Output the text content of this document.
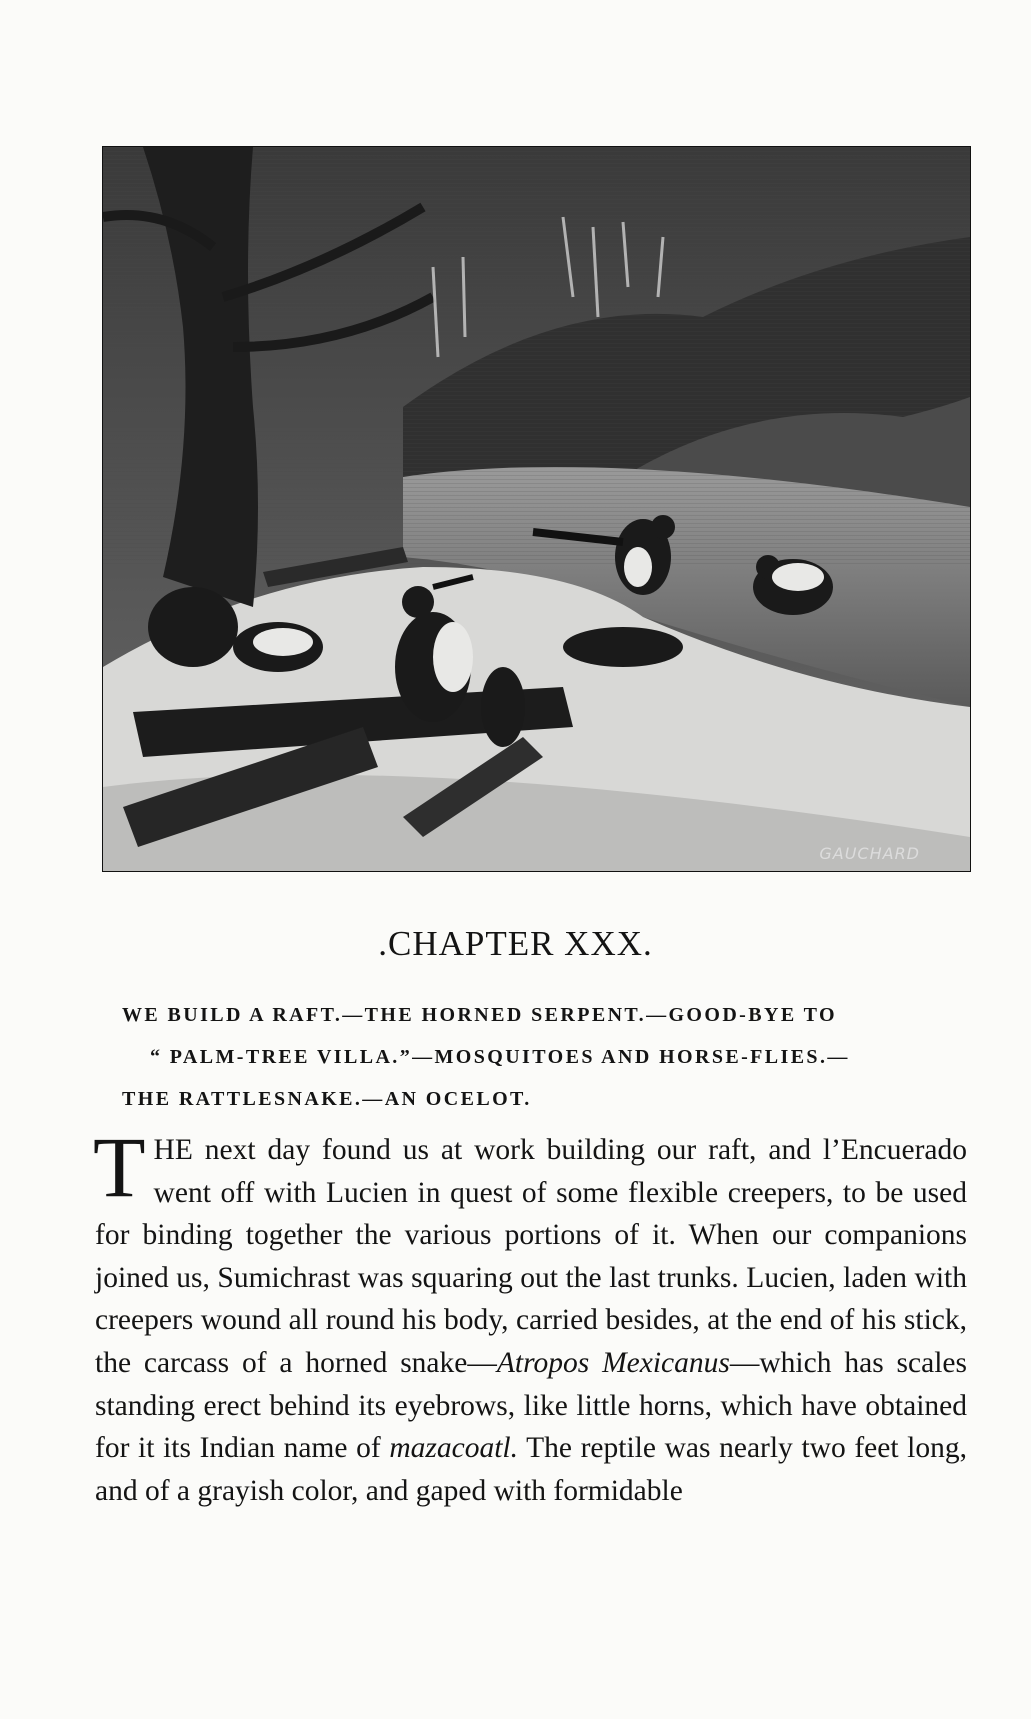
GAUCHARD
.CHAPTER XXX.

WE BUILD A RAFT.—THE HORNED SERPENT.—GOOD-BYE TO

“ PALM-TREE VILLA.”—MOSQUITOES AND HORSE-FLIES.—

THE RATTLESNAKE.—AN OCELOT.

THE next day found us at work building our raft, and l’Encuerado went off with Lucien in quest of some flexible creepers, to be used for binding together the various portions of it. When our companions joined us, Sumichrast was squaring out the last trunks. Lucien, laden with creepers wound all round his body, carried besides, at the end of his stick, the carcass of a horned snake—Atropos Mexicanus—which has scales standing erect behind its eyebrows, like little horns, which have obtained for it its Indian name of mazacoatl. The reptile was nearly two feet long, and of a grayish color, and gaped with formidable
